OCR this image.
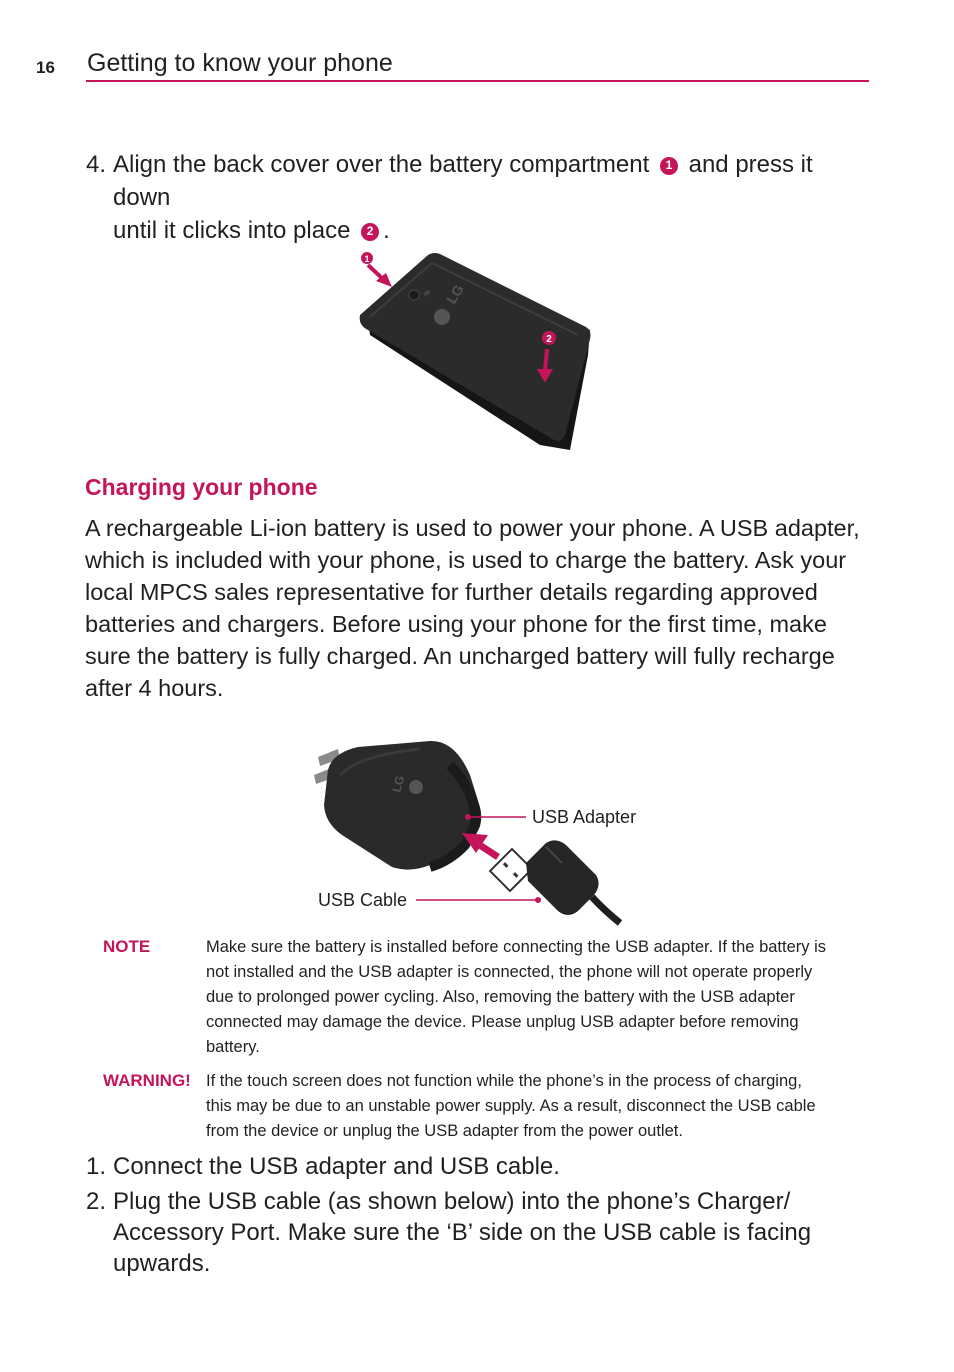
16 Getting to know your phone
4. Align the back cover over the battery compartment 1 and press it down
until it clicks into place 2 .
LG
1
2
Charging your phone
A rechargeable Li-ion battery is used to power your phone. A USB adapter,
which is included with your phone, is used to charge the battery. Ask your
local MPCS sales representative for further details regarding approved
batteries and chargers. Before using your phone for the first time, make
sure the battery is fully charged. An uncharged battery will fully recharge
after 4 hours.
LG
USB Adapter
USB Cable
NOTE	Make sure the battery is installed before connecting the USB adapter. If the battery is
not installed and the USB adapter is connected, the phone will not operate properly
due to prolonged power cycling. Also, removing the battery with the USB adapter
connected may damage the device. Please unplug USB adapter before removing
battery.
WARNING! If the touch screen does not function while the phone’s in the process of charging,
this may be due to an unstable power supply. As a result, disconnect the USB cable
from the device or unplug the USB adapter from the power outlet.
1. Connect the USB adapter and USB cable.
2. Plug the USB cable (as shown below) into the phone’s Charger/
Accessory Port. Make sure the ‘B’ side on the USB cable is facing
upwards.
